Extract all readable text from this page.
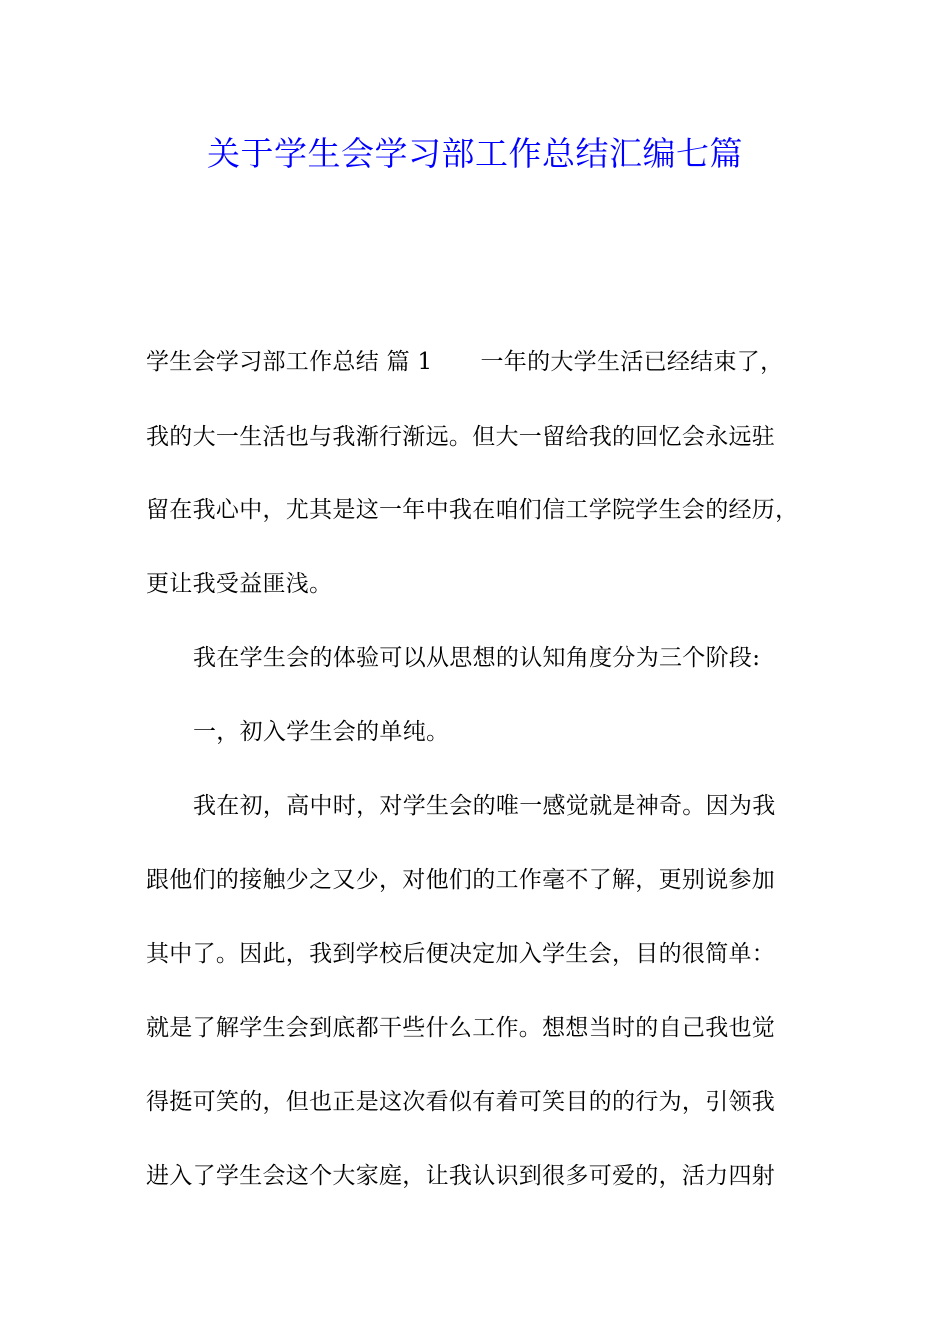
关于学生会学习部工作总结汇编七篇

学生会学习部工作总结 篇 1 一年的大学生活已经结束了，

我的大一生活也与我渐行渐远。但大一留给我的回忆会永远驻

留在我心中，尤其是这一年中我在咱们信工学院学生会的经历，

更让我受益匪浅。

我在学生会的体验可以从思想的认知角度分为三个阶段:

一，初入学生会的单纯。

我在初，高中时，对学生会的唯一感觉就是神奇。因为我

跟他们的接触少之又少，对他们的工作毫不了解，更别说参加

其中了。因此，我到学校后便决定加入学生会，目的很简单：

就是了解学生会到底都干些什么工作。想想当时的自己我也觉

得挺可笑的，但也正是这次看似有着可笑目的的行为，引领我

进入了学生会这个大家庭，让我认识到很多可爱的，活力四射
